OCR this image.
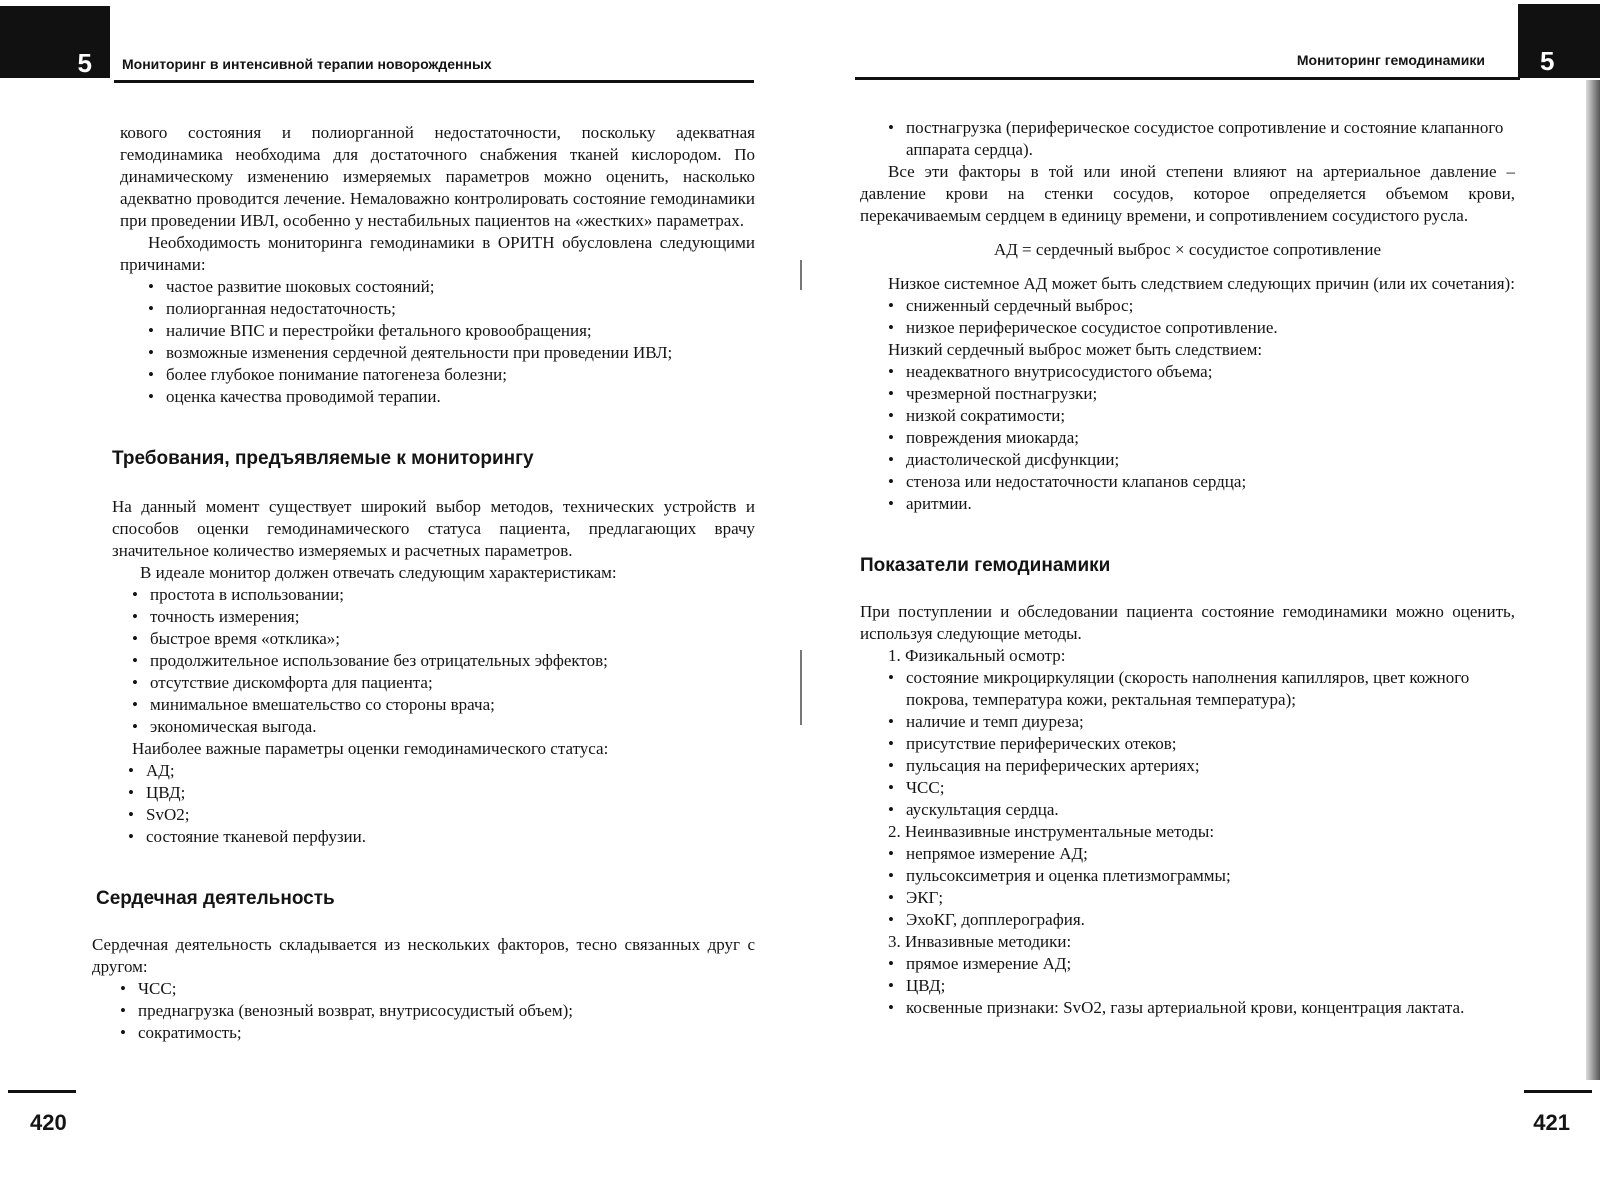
5 Мониторинг в интенсивной терапии новорожденных

кового состояния и полиорганной недостаточности, поскольку адекватная гемодинамика необходима для достаточного снабжения тканей кислородом. По динамическому изменению измеряемых параметров можно оценить, насколько адекватно проводится лечение. Немаловажно контролировать состояние гемодинамики при проведении ИВЛ, особенно у нестабильных пациентов на «жестких» параметрах.

Необходимость мониторинга гемодинамики в ОРИТН обусловлена следующими причинами:

• частое развитие шоковых состояний;
• полиорганная недостаточность;
• наличие ВПС и перестройки фетального кровообращения;
• возможные изменения сердечной деятельности при проведении ИВЛ;
• более глубокое понимание патогенеза болезни;
• оценка качества проводимой терапии.
Требования, предъявляемые к мониторингу

На данный момент существует широкий выбор методов, технических устройств и способов оценки гемодинамического статуса пациента, предлагающих врачу значительное количество измеряемых и расчетных параметров.

В идеале монитор должен отвечать следующим характеристикам:

• простота в использовании;
• точность измерения;
• быстрое время «отклика»;
• продолжительное использование без отрицательных эффектов;
• отсутствие дискомфорта для пациента;
• минимальное вмешательство со стороны врача;
• экономическая выгода.

Наиболее важные параметры оценки гемодинамического статуса:

• АД;
• ЦВД;
• SvO2;
• состояние тканевой перфузии.
Сердечная деятельность

Сердечная деятельность складывается из нескольких факторов, тесно связанных друг с другом:

• ЧСС;
• преднагрузка (венозный возврат, внутрисосудистый объем);
• сократимость;
420
5
Мониторинг гемодинамики
• постнагрузка (периферическое сосудистое сопротивление и состояние клапанного аппарата сердца).

Все эти факторы в той или иной степени влияют на артериальное давление – давление крови на стенки сосудов, которое определяется объемом крови, перекачиваемым сердцем в единицу времени, и сопротивлением сосудистого русла.

АД = сердечный выброс × сосудистое сопротивление

Низкое системное АД может быть следствием следующих причин (или их сочетания):

• сниженный сердечный выброс;
• низкое периферическое сосудистое сопротивление.

Низкий сердечный выброс может быть следствием:

• неадекватного внутрисосудистого объема;
• чрезмерной постнагрузки;
• низкой сократимости;
• повреждения миокарда;
• диастолической дисфункции;
• стеноза или недостаточности клапанов сердца;
• аритмии.
Показатели гемодинамики

При поступлении и обследовании пациента состояние гемодинамики можно оценить, используя следующие методы.

1. Физикальный осмотр:
• состояние микроциркуляции (скорость наполнения капилляров, цвет кожного покрова, температура кожи, ректальная температура);
• наличие и темп диуреза;
• присутствие периферических отеков;
• пульсация на периферических артериях;
• ЧСС;
• аускультация сердца.
2. Неинвазивные инструментальные методы:
• непрямое измерение АД;
• пульсоксиметрия и оценка плетизмограммы;
• ЭКГ;
• ЭхоКГ, допплерография.
3. Инвазивные методики:
• прямое измерение АД;
• ЦВД;
• косвенные признаки: SvO2, газы артериальной крови, концентрация лактата.
421
